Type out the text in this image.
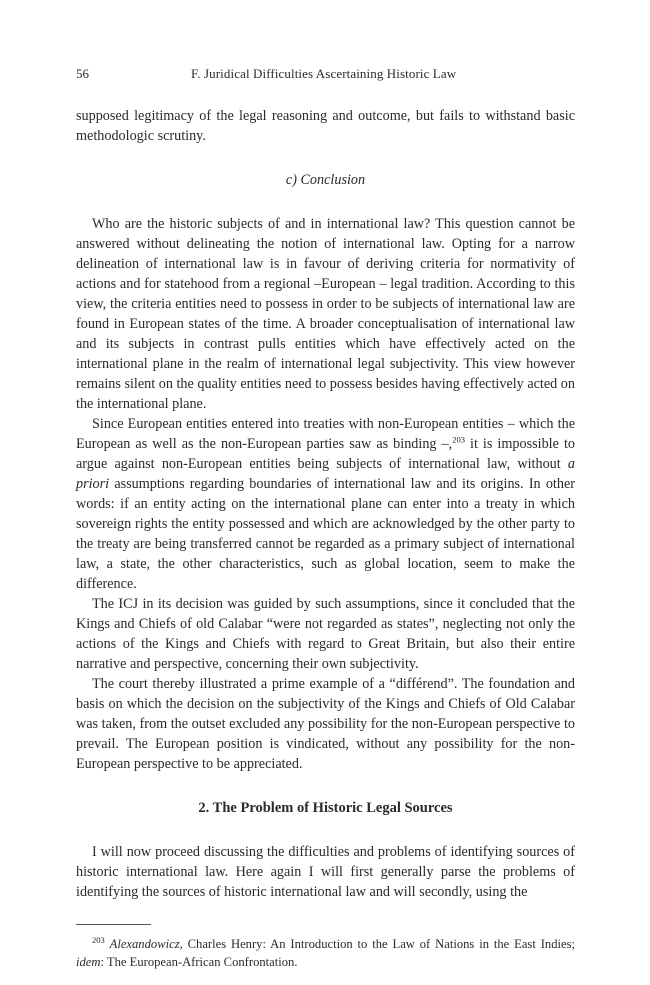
56	F. Juridical Difficulties Ascertaining Historic Law

supposed legitimacy of the legal reasoning and outcome, but fails to withstand basic methodologic scrutiny.

c) Conclusion

Who are the historic subjects of and in international law? This question cannot be answered without delineating the notion of international law. Opting for a narrow delineation of international law is in favour of deriving criteria for normativity of actions and for statehood from a regional –European – legal tradition. According to this view, the criteria entities need to possess in order to be subjects of international law are found in European states of the time. A broader conceptualisation of international law and its subjects in contrast pulls entities which have effectively acted on the international plane in the realm of international legal subjectivity. This view however remains silent on the quality entities need to possess besides having effectively acted on the international plane.

Since European entities entered into treaties with non-European entities – which the European as well as the non-European parties saw as binding –,$^{203}$ it is impossible to argue against non-European entities being subjects of international law, without a priori assumptions regarding boundaries of international law and its origins. In other words: if an entity acting on the international plane can enter into a treaty in which sovereign rights the entity possessed and which are acknowledged by the other party to the treaty are being transferred cannot be regarded as a primary subject of international law, a state, the other characteristics, such as global location, seem to make the difference.

The ICJ in its decision was guided by such assumptions, since it concluded that the Kings and Chiefs of old Calabar “were not regarded as states”, neglecting not only the actions of the Kings and Chiefs with regard to Great Britain, but also their entire narrative and perspective, concerning their own subjectivity.

The court thereby illustrated a prime example of a “différend”. The foundation and basis on which the decision on the subjectivity of the Kings and Chiefs of Old Calabar was taken, from the outset excluded any possibility for the non-European perspective to prevail. The European position is vindicated, without any possibility for the non-European perspective to be appreciated.

2. The Problem of Historic Legal Sources

I will now proceed discussing the difficulties and problems of identifying sources of historic international law. Here again I will first generally parse the problems of identifying the sources of historic international law and will secondly, using the

$^{203}$ Alexandowicz, Charles Henry: An Introduction to the Law of Nations in the East Indies; idem: The European-African Confrontation.
